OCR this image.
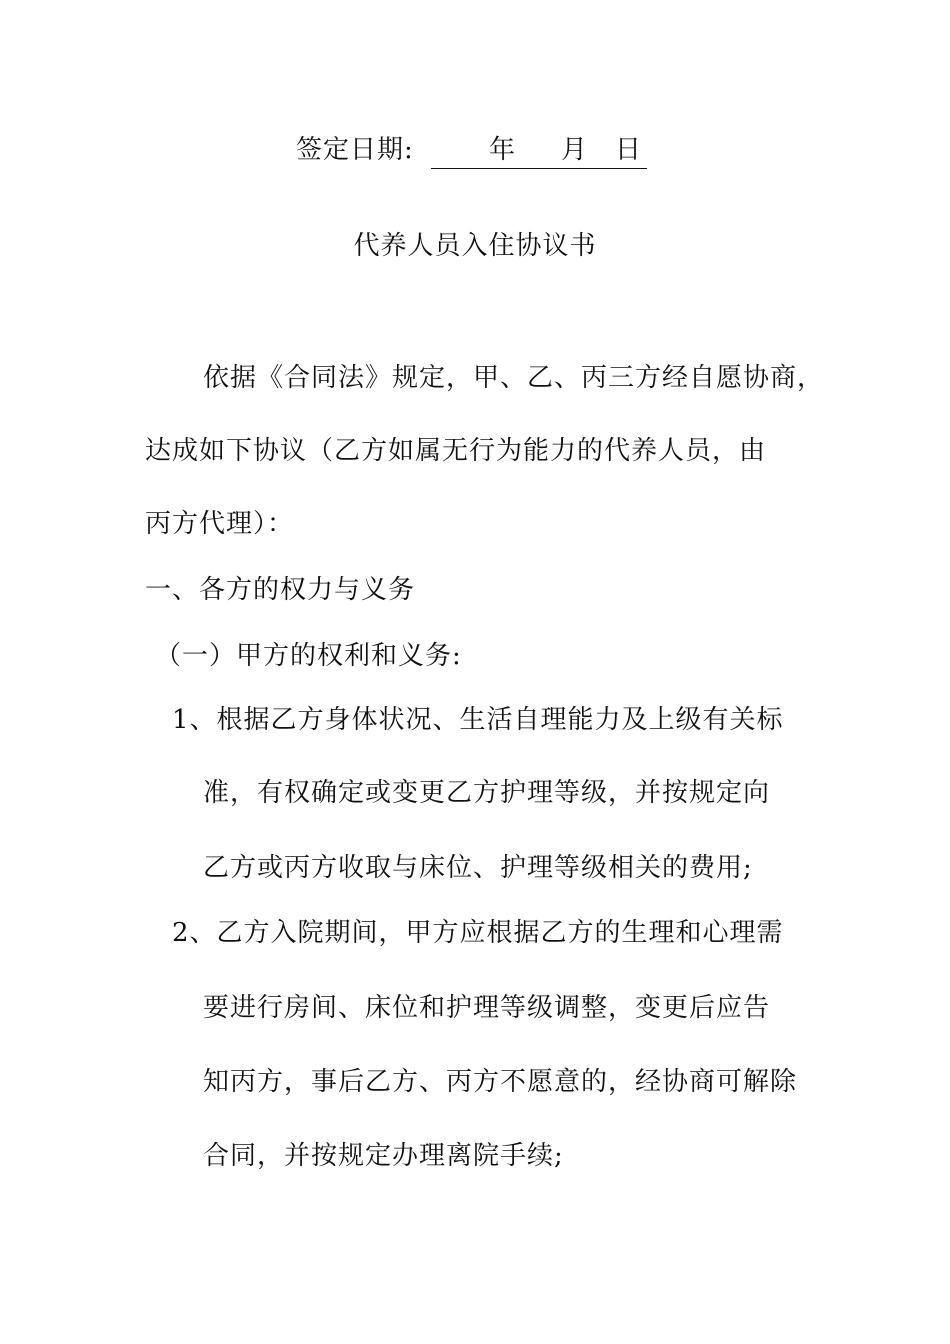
签定日期:	年 月 日
代养人员入住协议书
依据《合同法》规定，甲、乙、丙三方经自愿协商，
达成如下协议（乙方如属无行为能力的代养人员，由
丙方代理）：
一、各方的权力与义务
（一）甲方的权利和义务:
1、根据乙方身体状况、生活自理能力及上级有关标
准，有权确定或变更乙方护理等级，并按规定向
乙方或丙方收取与床位、护理等级相关的费用;
2、乙方入院期间，甲方应根据乙方的生理和心理需
要进行房间、床位和护理等级调整，变更后应告
知丙方，事后乙方、丙方不愿意的，经协商可解除
合同，并按规定办理离院手续;
